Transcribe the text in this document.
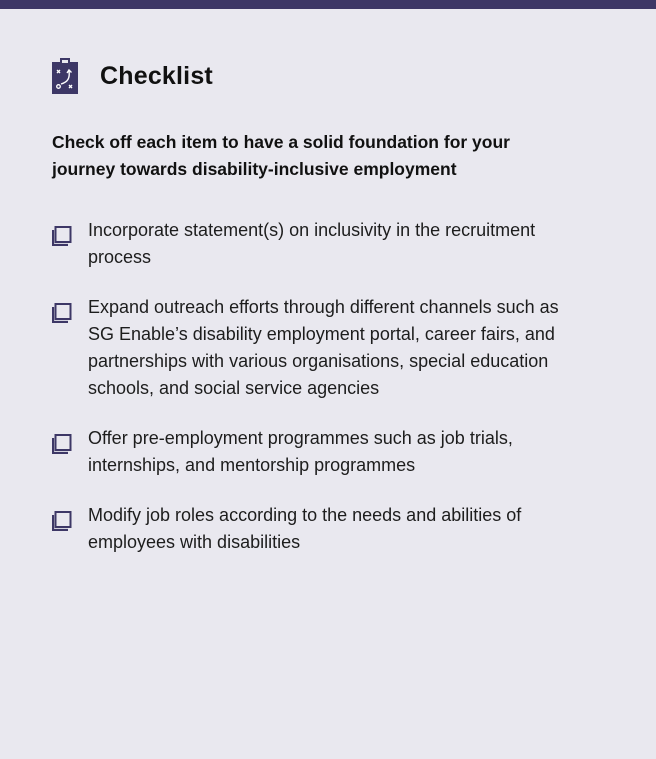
Checklist
Check off each item to have a solid foundation for your journey towards disability-inclusive employment
Incorporate statement(s) on inclusivity in the recruitment process
Expand outreach efforts through different channels such as SG Enable’s disability employment portal, career fairs, and partnerships with various organisations, special education schools, and social service agencies
Offer pre-employment programmes such as job trials, internships, and mentorship programmes
Modify job roles according to the needs and abilities of employees with disabilities
